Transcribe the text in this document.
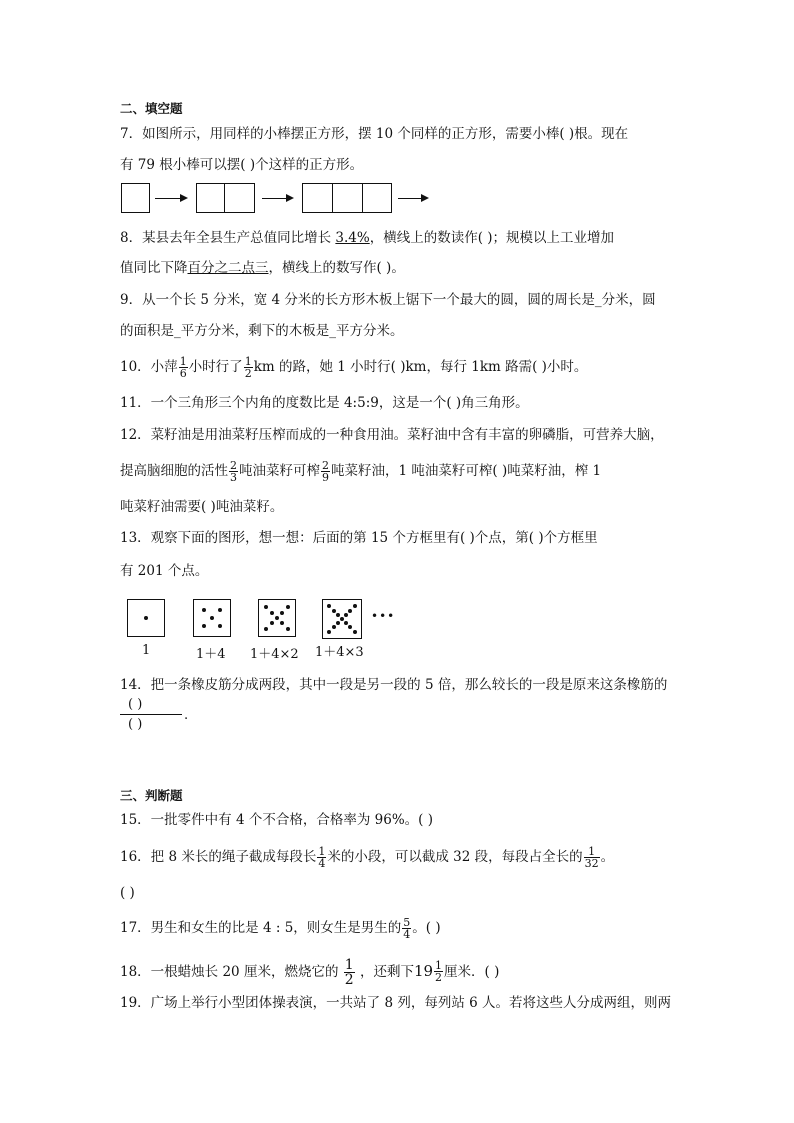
二、填空题
7．如图所示，用同样的小棒摆正方形，摆 10 个同样的正方形，需要小棒( )根。现在
有 79 根小棒可以摆( )个这样的正方形。
8．某县去年全县生产总值同比增长 3.4%，横线上的数读作( )；规模以上工业增加
值同比下降百分之二点三，横线上的数写作( )。
9．从一个长 5 分米，宽 4 分米的长方形木板上锯下一个最大的圆，圆的周长是_分米，圆
的面积是_平方分米，剩下的木板是_平方分米。
10．小萍 $\frac{1}{6}$ 小时行了 $\frac{1}{2}$ km 的路，她 1 小时行( )km，每行 1km 路需( )小时。
11．一个三角形三个内角的度数比是 4:5:9，这是一个( )角三角形。
12．菜籽油是用油菜籽压榨而成的一种食用油。菜籽油中含有丰富的卵磷脂，可营养大脑，
提高脑细胞的活性 $\frac{2}{3}$ 吨油菜籽可榨 $\frac{2}{9}$ 吨菜籽油，1 吨油菜籽可榨( )吨菜籽油，榨 1
吨菜籽油需要( )吨油菜籽。
13．观察下面的图形，想一想：后面的第 15 个方框里有( )个点，第( )个方框里
有 201 个点。
•••
1	1＋4 1＋4×2 1＋4×3
14．把一条橡皮筋分成两段，其中一段是另一段的 5 倍，那么较长的一段是原来这条橡筋的
( )
( )
.
三、判断题
15．一批零件中有 4 个不合格，合格率为 96%。( )
16．把 8 米长的绳子截成每段长 $\frac{1}{4}$ 米的小段，可以截成 32 段，每段占全长的 $\frac{1}{32}$ 。
( )
17．男生和女生的比是 4 : 5，则女生是男生的 $\frac{5}{4}$ 。( )
18．一根蜡烛长 20 厘米，燃烧它的 $\frac{1}{2}$ ，还剩下 $19 \frac{1}{2}$ 厘米．( )
19．广场上举行小型团体操表演，一共站了 8 列，每列站 6 人。若将这些人分成两组，则两
